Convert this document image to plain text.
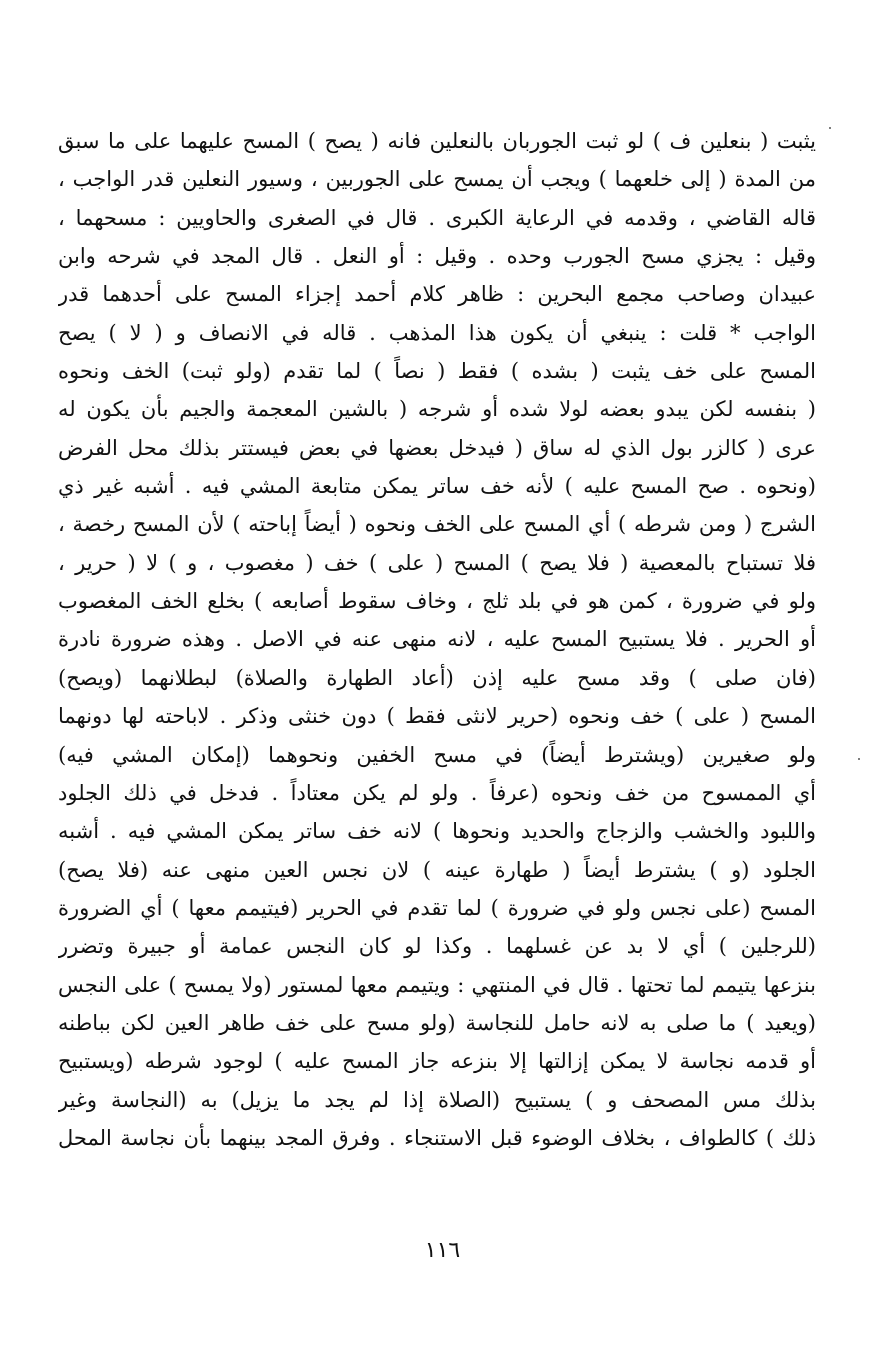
يثبت ( بنعلين ف ) لو ثبت الجوربان بالنعلين فانه ( يصح ) المسح عليهما على ما سبق
من المدة ( إلى خلعهما ) ويجب أن يمسح على الجوربين ، وسيور النعلين قدر الواجب ،
قاله القاضي ، وقدمه في الرعاية الكبرى . قال في الصغرى والحاويين : مسحهما ،
وقيل : يجزي مسح الجورب وحده . وقيل : أو النعل . قال المجد في شرحه وابن
عبيدان وصاحب مجمع البحرين : ظاهر كلام أحمد إجزاء المسح على أحدهما قدر
الواجب * قلت : ينبغي أن يكون هذا المذهب . قاله في الانصاف و ( لا ) يصح
المسح على خف يثبت ( بشده ) فقط ( نصاً ) لما تقدم (ولو ثبت) الخف ونحوه
( بنفسه لكن يبدو بعضه لولا شده أو شرجه ( بالشين المعجمة والجيم بأن يكون له
عرى ( كالزر بول الذي له ساق ( فيدخل بعضها في بعض فيستتر بذلك محل الفرض
(ونحوه . صح المسح عليه ) لأنه خف ساتر يمكن متابعة المشي فيه . أشبه غير ذي
الشرج ( ومن شرطه ) أي المسح على الخف ونحوه ( أيضاً إباحته ) لأن المسح رخصة ،
فلا تستباح بالمعصية ( فلا يصح ) المسح ( على ) خف ( مغصوب ، و ) لا ( حرير ،
ولو في ضرورة ، كمن هو في بلد ثلج ، وخاف سقوط أصابعه ) بخلع الخف المغصوب
أو الحرير . فلا يستبيح المسح عليه ، لانه منهى عنه في الاصل . وهذه ضرورة نادرة
(فان صلى ) وقد مسح عليه إذن (أعاد الطهارة والصلاة) لبطلانهما (ويصح)
المسح ( على ) خف ونحوه (حرير لانثى فقط ) دون خنثى وذكر . لاباحته لها دونهما
ولو صغيرين (ويشترط أيضاً) في مسح الخفين ونحوهما (إمكان المشي فيه)
أي الممسوح من خف ونحوه (عرفاً . ولو لم يكن معتاداً . فدخل في ذلك الجلود
واللبود والخشب والزجاج والحديد ونحوها ) لانه خف ساتر يمكن المشي فيه . أشبه
الجلود (و ) يشترط أيضاً ( طهارة عينه ) لان نجس العين منهى عنه (فلا يصح)
المسح (على نجس ولو في ضرورة ) لما تقدم في الحرير (فيتيمم معها ) أي الضرورة
(للرجلين ) أي لا بد عن غسلهما . وكذا لو كان النجس عمامة أو جبيرة وتضرر
بنزعها يتيمم لما تحتها . قال في المنتهي : ويتيمم معها لمستور (ولا يمسح ) على النجس
(ويعيد ) ما صلى به لانه حامل للنجاسة (ولو مسح على خف طاهر العين لكن بباطنه
أو قدمه نجاسة لا يمكن إزالتها إلا بنزعه جاز المسح عليه ) لوجود شرطه (ويستبيح
بذلك مس المصحف و ) يستبيح (الصلاة إذا لم يجد ما يزيل) به (النجاسة وغير
ذلك ) كالطواف ، بخلاف الوضوء قبل الاستنجاء . وفرق المجد بينهما بأن نجاسة المحل
١١٦
